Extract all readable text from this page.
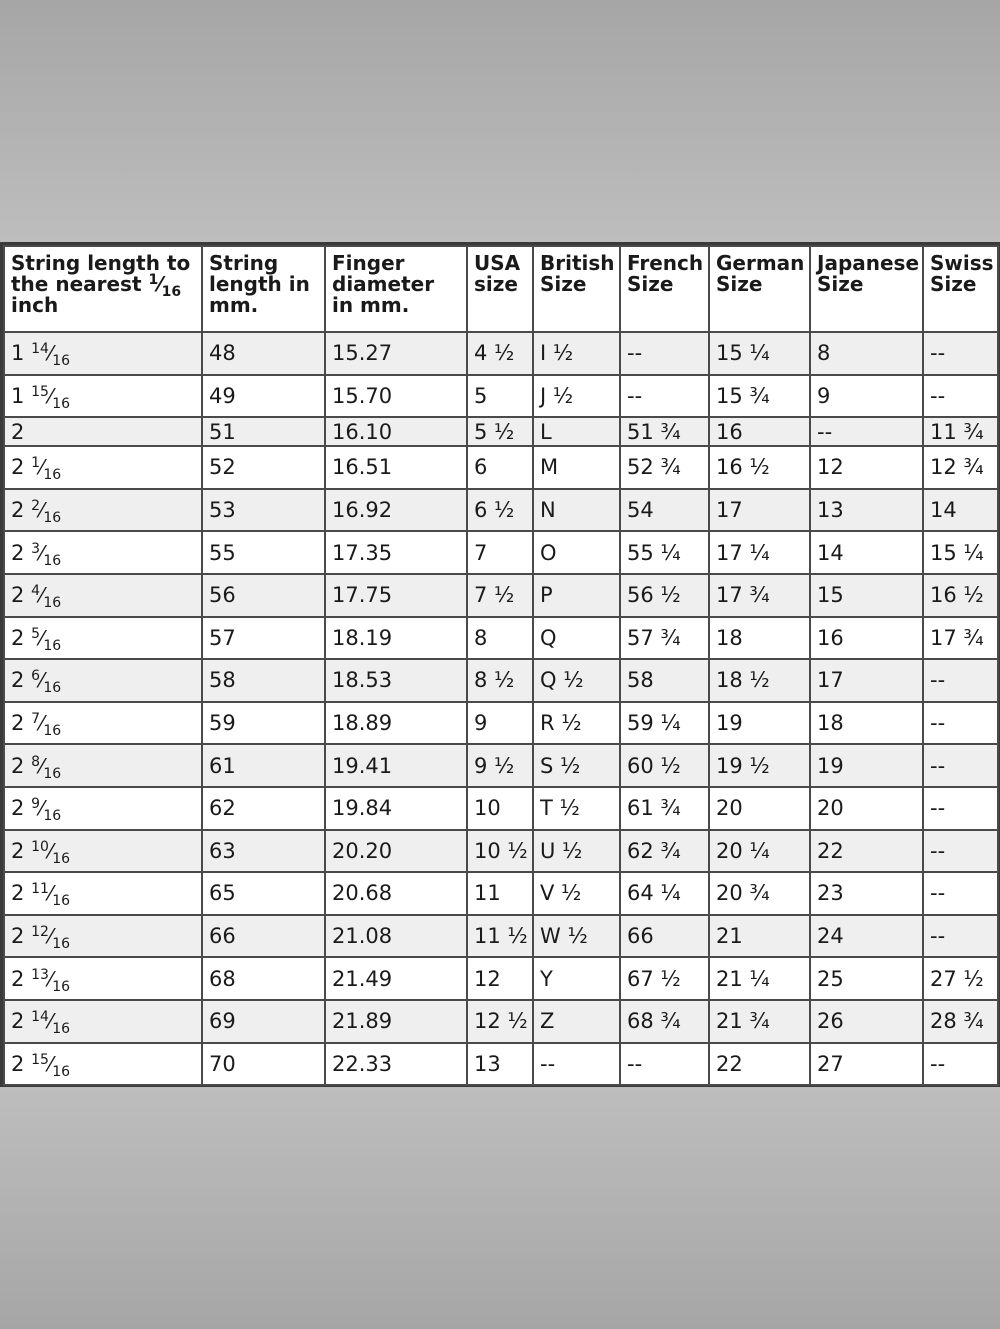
String length to the nearest $^1⁄_{16}$ inch	String length in mm.	Finger diameter in mm.	USA size	British Size	French Size	German Size	Japanese Size	Swiss Size
1 $^{14}⁄_{16}$	48	15.27	4 ½	I ½	--	15 ¼	8	--
1 $^{15}⁄_{16}$	49	15.70	5	J ½	--	15 ¾	9	--
2	51	16.10	5 ½	L	51 ¾	16	--	11 ¾
2 $^1⁄_{16}$	52	16.51	6	M	52 ¾	16 ½	12	12 ¾
2 $^2⁄_{16}$	53	16.92	6 ½	N	54	17	13	14
2 $^3⁄_{16}$	55	17.35	7	O	55 ¼	17 ¼	14	15 ¼
2 $^4⁄_{16}$	56	17.75	7 ½	P	56 ½	17 ¾	15	16 ½
2 $^5⁄_{16}$	57	18.19	8	Q	57 ¾	18	16	17 ¾
2 $^6⁄_{16}$	58	18.53	8 ½	Q ½	58	18 ½	17	--
2 $^7⁄_{16}$	59	18.89	9	R ½	59 ¼	19	18	--
2 $^8⁄_{16}$	61	19.41	9 ½	S ½	60 ½	19 ½	19	--
2 $^9⁄_{16}$	62	19.84	10	T ½	61 ¾	20	20	--
2 $^{10}⁄_{16}$	63	20.20	10 ½	U ½	62 ¾	20 ¼	22	--
2 $^{11}⁄_{16}$	65	20.68	11	V ½	64 ¼	20 ¾	23	--
2 $^{12}⁄_{16}$	66	21.08	11 ½	W ½	66	21	24	--
2 $^{13}⁄_{16}$	68	21.49	12	Y	67 ½	21 ¼	25	27 ½
2 $^{14}⁄_{16}$	69	21.89	12 ½	Z	68 ¾	21 ¾	26	28 ¾
2 $^{15}⁄_{16}$	70	22.33	13	--	--	22	27	--
